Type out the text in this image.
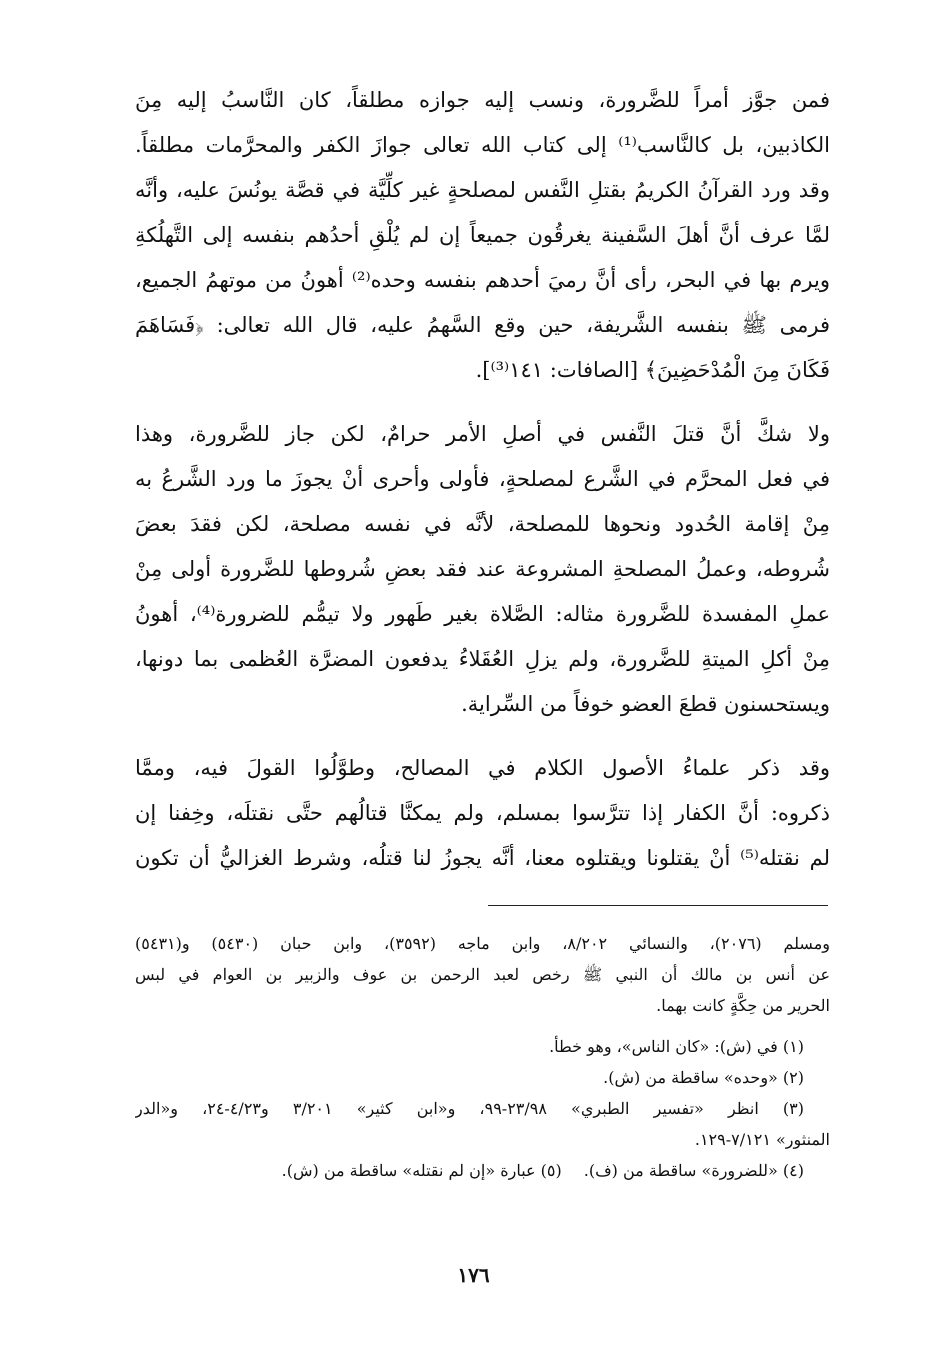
فمن جوَّز أمراً للضَّرورة، ونسب إليه جوازه مطلقاً، كان النَّاسبُ إليه مِنَ
الكاذبين، بل كالنَّاسب⁽¹⁾ إلى كتاب الله تعالى جوازَ الكفر والمحرَّمات مطلقاً.
وقد ورد القرآنُ الكريمُ بقتلِ النَّفس لمصلحةٍ غير كلِّيَّة في قصَّة يونُسَ عليه، وأنَّه
لمَّا عرف أنَّ أهلَ السَّفينة يغرقُون جميعاً إن لم يُلْقِ أحدُهم بنفسه إلى التَّهلُكةِ
ويرم بها في البحر، رأى أنَّ رميَ أحدهم بنفسه وحده⁽²⁾ أهونُ من موتهمُ الجميع،
فرمى ﷺ بنفسه الشَّريفة، حين وقع السَّهمُ عليه، قال الله تعالى: ﴿فَسَاهَمَ
فَكَانَ مِنَ الْمُدْحَضِينَ﴾ [الصافات: ١٤١⁽³⁾].
ولا شكَّ أنَّ قتلَ النَّفس في أصلِ الأمر حرامٌ، لكن جاز للضَّرورة، وهذا
في فعل المحرَّم في الشَّرع لمصلحةٍ، فأولى وأحرى أنْ يجوزَ ما ورد الشَّرعُ به
مِنْ إقامة الحُدود ونحوها للمصلحة، لأنَّه في نفسه مصلحة، لكن فقدَ بعضَ
شُروطه، وعملُ المصلحةِ المشروعة عند فقد بعضِ شُروطها للضَّرورة أولى مِنْ
عملِ المفسدة للضَّرورة مثاله: الصَّلاة بغير طَهور ولا تيمُّم للضرورة⁽⁴⁾، أهونُ
مِنْ أكلِ الميتةِ للضَّرورة، ولم يزلِ العُقَلاءُ يدفعون المضرَّة العُظمى بما دونها،
ويستحسنون قطعَ العضو خوفاً من السِّراية.
وقد ذكر علماءُ الأصول الكلام في المصالح، وطوَّلُوا القولَ فيه، وممَّا
ذكروه: أنَّ الكفار إذا تترَّسوا بمسلم، ولم يمكنَّا قتالُهم حتَّى نقتلَه، وخِفنا إن
لم نقتله⁽⁵⁾ أنْ يقتلونا ويقتلوه معنا، أنَّه يجوزُ لنا قتلُه، وشرط الغزاليُّ أن تكون
ومسلم (٢٠٧٦)، والنسائي ٨/٢٠٢، وابن ماجه (٣٥٩٢)، وابن حبان (٥٤٣٠) و(٥٤٣١)
عن أنس بن مالك أن النبي ﷺ رخص لعبد الرحمن بن عوف والزبير بن العوام في لبس
الحرير من حِكَّةٍ كانت بهما.
(١) في (ش): «كان الناس»، وهو خطأ.
(٢) «وحده» ساقطة من (ش).
(٣) انظر «تفسير الطبري» ٢٣/٩٨-٩٩، و«ابن كثير» ٣/٢٠١ و٤/٢٣-٢٤، و«الدر
المنثور» ٧/١٢١-١٢٩.
(٤) «للضرورة» ساقطة من (ف).
(٥) عبارة «إن لم نقتله» ساقطة من (ش).
١٧٦
